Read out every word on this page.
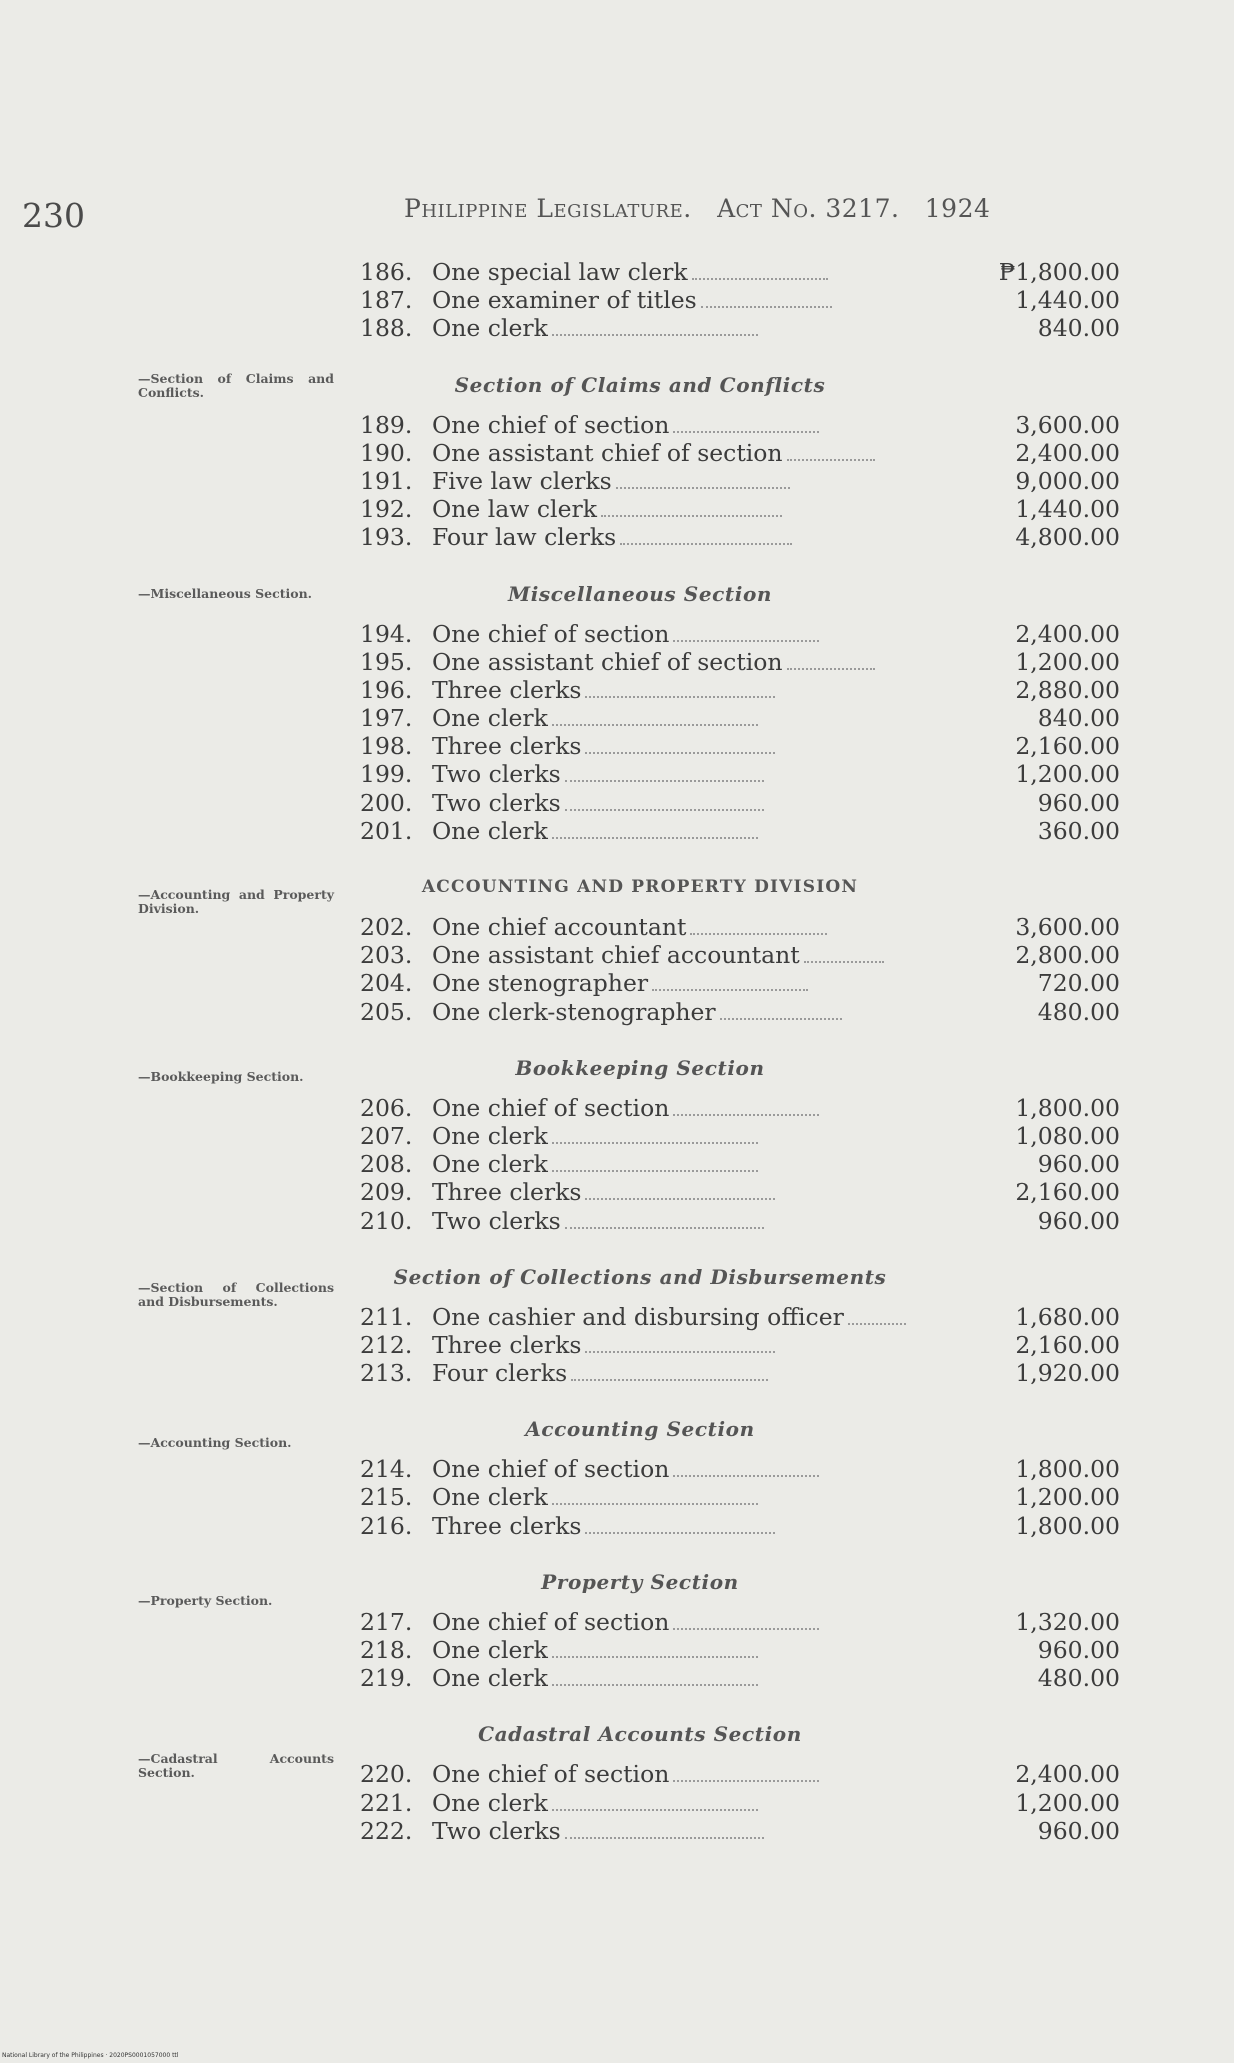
230	Philippine Legislature. Act No. 3217. 1924
—Section of Claims and Conflicts.
—Miscellaneous Section.
—Accounting and Property Division.
—Bookkeeping Section.
—Section of Collections and Disbursements.
—Accounting Section.
—Property Section.
—Cadastral Accounts Section.
186. One special law clerk	₱1,800.00
187. One examiner of titles	1,440.00
188. One clerk	840.00
Section of Claims and Conflicts
189. One chief of section	3,600.00
190. One assistant chief of section	2,400.00
191. Five law clerks	9,000.00
192. One law clerk	1,440.00
193. Four law clerks	4,800.00
Miscellaneous Section
194. One chief of section	2,400.00
195. One assistant chief of section	1,200.00
196. Three clerks	2,880.00
197. One clerk	840.00
198. Three clerks	2,160.00
199. Two clerks	1,200.00
200. Two clerks	960.00
201. One clerk	360.00
ACCOUNTING AND PROPERTY DIVISION
202. One chief accountant	3,600.00
203. One assistant chief accountant	2,800.00
204. One stenographer	720.00
205. One clerk-stenographer	480.00
Bookkeeping Section
206. One chief of section	1,800.00
207. One clerk	1,080.00
208. One clerk	960.00
209. Three clerks	2,160.00
210. Two clerks	960.00
Section of Collections and Disbursements
211. One cashier and disbursing officer	1,680.00
212. Three clerks	2,160.00
213. Four clerks	1,920.00
Accounting Section
214. One chief of section	1,800.00
215. One clerk	1,200.00
216. Three clerks	1,800.00
Property Section
217. One chief of section	1,320.00
218. One clerk	960.00
219. One clerk	480.00
Cadastral Accounts Section
220. One chief of section	2,400.00
221. One clerk	1,200.00
222. Two clerks	960.00
National Library of the Philippines · 2020PS0001057000 ttl
